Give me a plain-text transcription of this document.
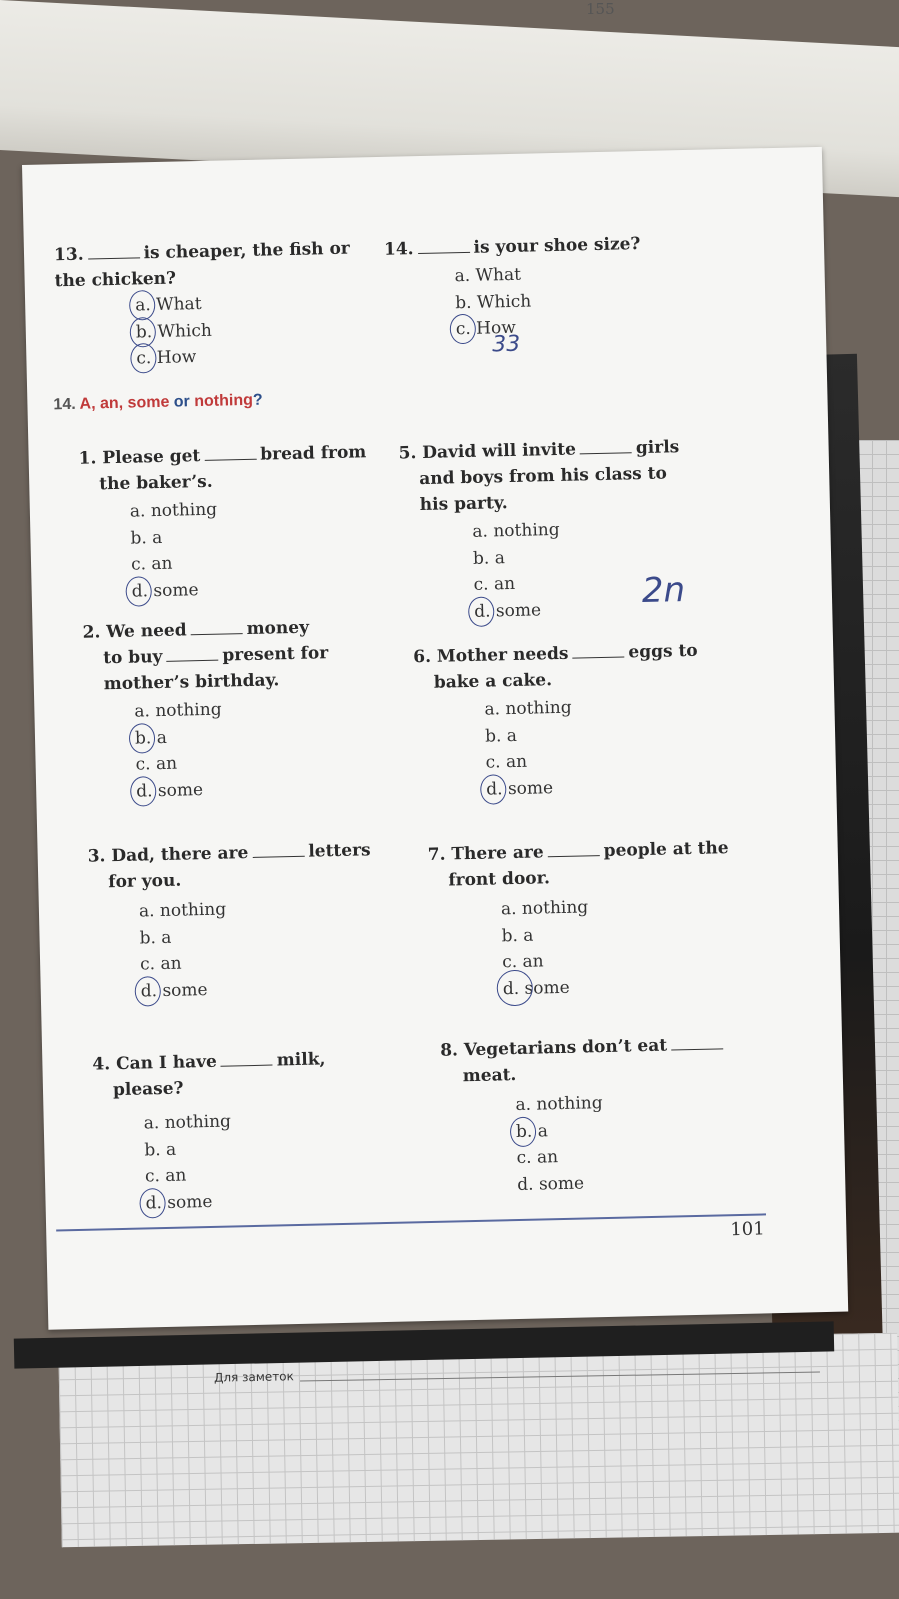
155
Для заметок
13.	is cheaper, the fish or
the chicken?
a. What
b. Which
c. How
14.	is your shoe size?
a. What
b. Which
c. How
33
14. A, an, some or nothing?
1. Please get	bread from
the baker’s.
a. nothing
b. a
c. an
d. some
2. We need	money
to buy	present for
mother’s birthday.
a. nothing
b. a
c. an
d. some
3. Dad, there are	letters
for you.
a. nothing
b. a
c. an
d. some
4. Can I have	milk,
please?
a. nothing
b. a
c. an
d. some
5. David will invite	girls
and boys from his class to
his party.
a. nothing
b. a
c. an
d. some	2n
6. Mother needs	eggs to
bake a cake.
a. nothing
b. a
c. an
d. some
7. There are	people at the
front door.
a. nothing
b. a
c. an
d. some
8. Vegetarians don’t eat
meat.
a. nothing
b. a
c. an
d. some
101
